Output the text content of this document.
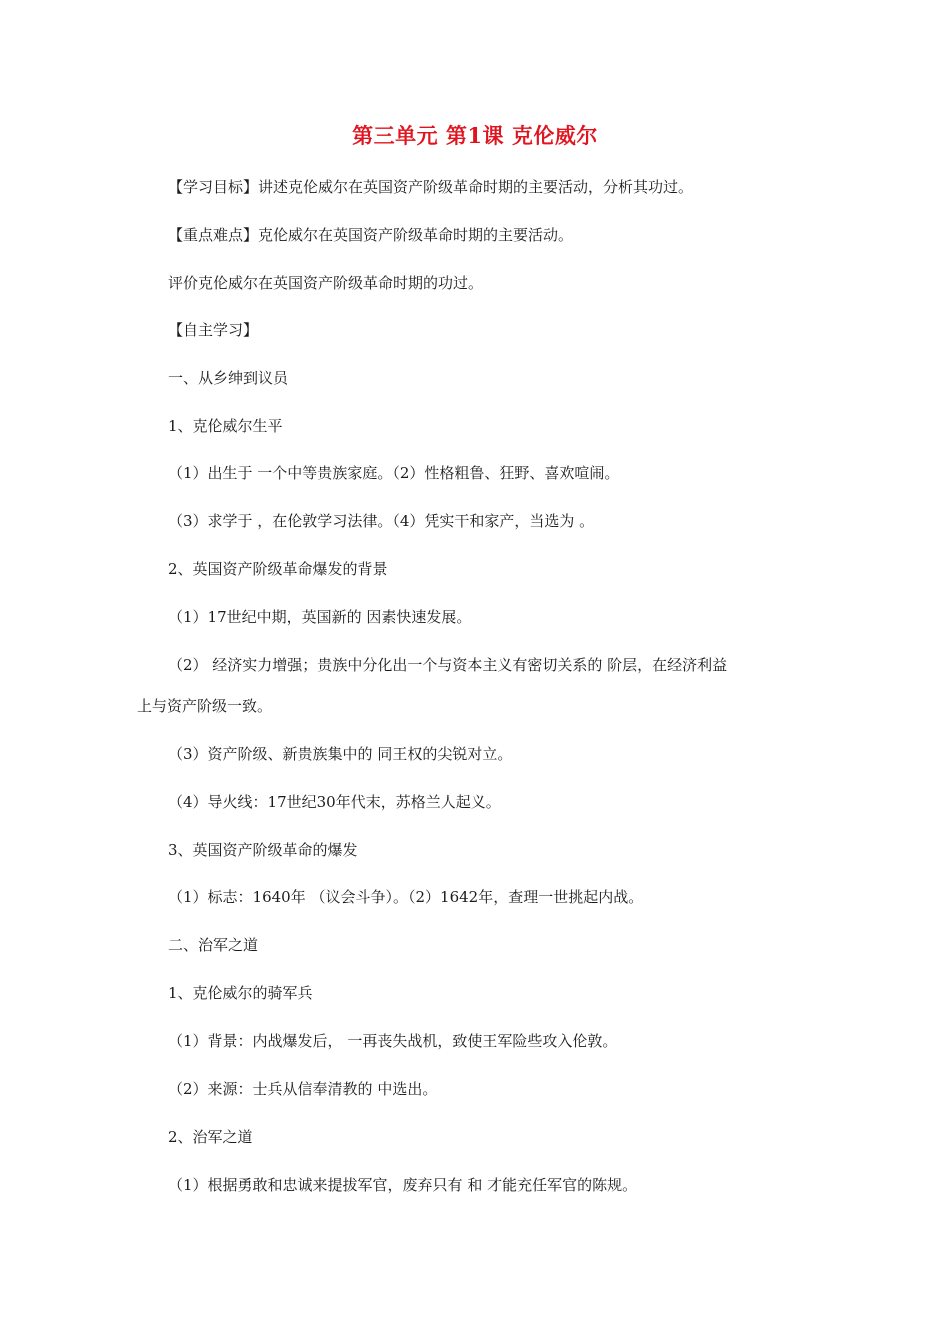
第三单元 第1课 克伦威尔
【学习目标】讲述克伦威尔在英国资产阶级革命时期的主要活动，分析其功过。
【重点难点】克伦威尔在英国资产阶级革命时期的主要活动。
评价克伦威尔在英国资产阶级革命时期的功过。
【自主学习】
一、从乡绅到议员
1、克伦威尔生平
（1）出生于 一个中等贵族家庭。（2）性格粗鲁、狂野、喜欢喧闹。
（3）求学于 ，在伦敦学习法律。（4）凭实干和家产，当选为 。
2、英国资产阶级革命爆发的背景
（1）17世纪中期，英国新的 因素快速发展。
（2） 经济实力增强；贵族中分化出一个与资本主义有密切关系的 阶层，在经济利益
上与资产阶级一致。
（3）资产阶级、新贵族集中的 同王权的尖锐对立。
（4）导火线：17世纪30年代末，苏格兰人起义。
3、英国资产阶级革命的爆发
（1）标志：1640年 （议会斗争）。（2）1642年，查理一世挑起内战。
二、治军之道
1、克伦威尔的骑军兵
（1）背景：内战爆发后， 一再丧失战机，致使王军险些攻入伦敦。
（2）来源：士兵从信奉清教的 中选出。
2、治军之道
（1）根据勇敢和忠诚来提拔军官，废弃只有 和 才能充任军官的陈规。
